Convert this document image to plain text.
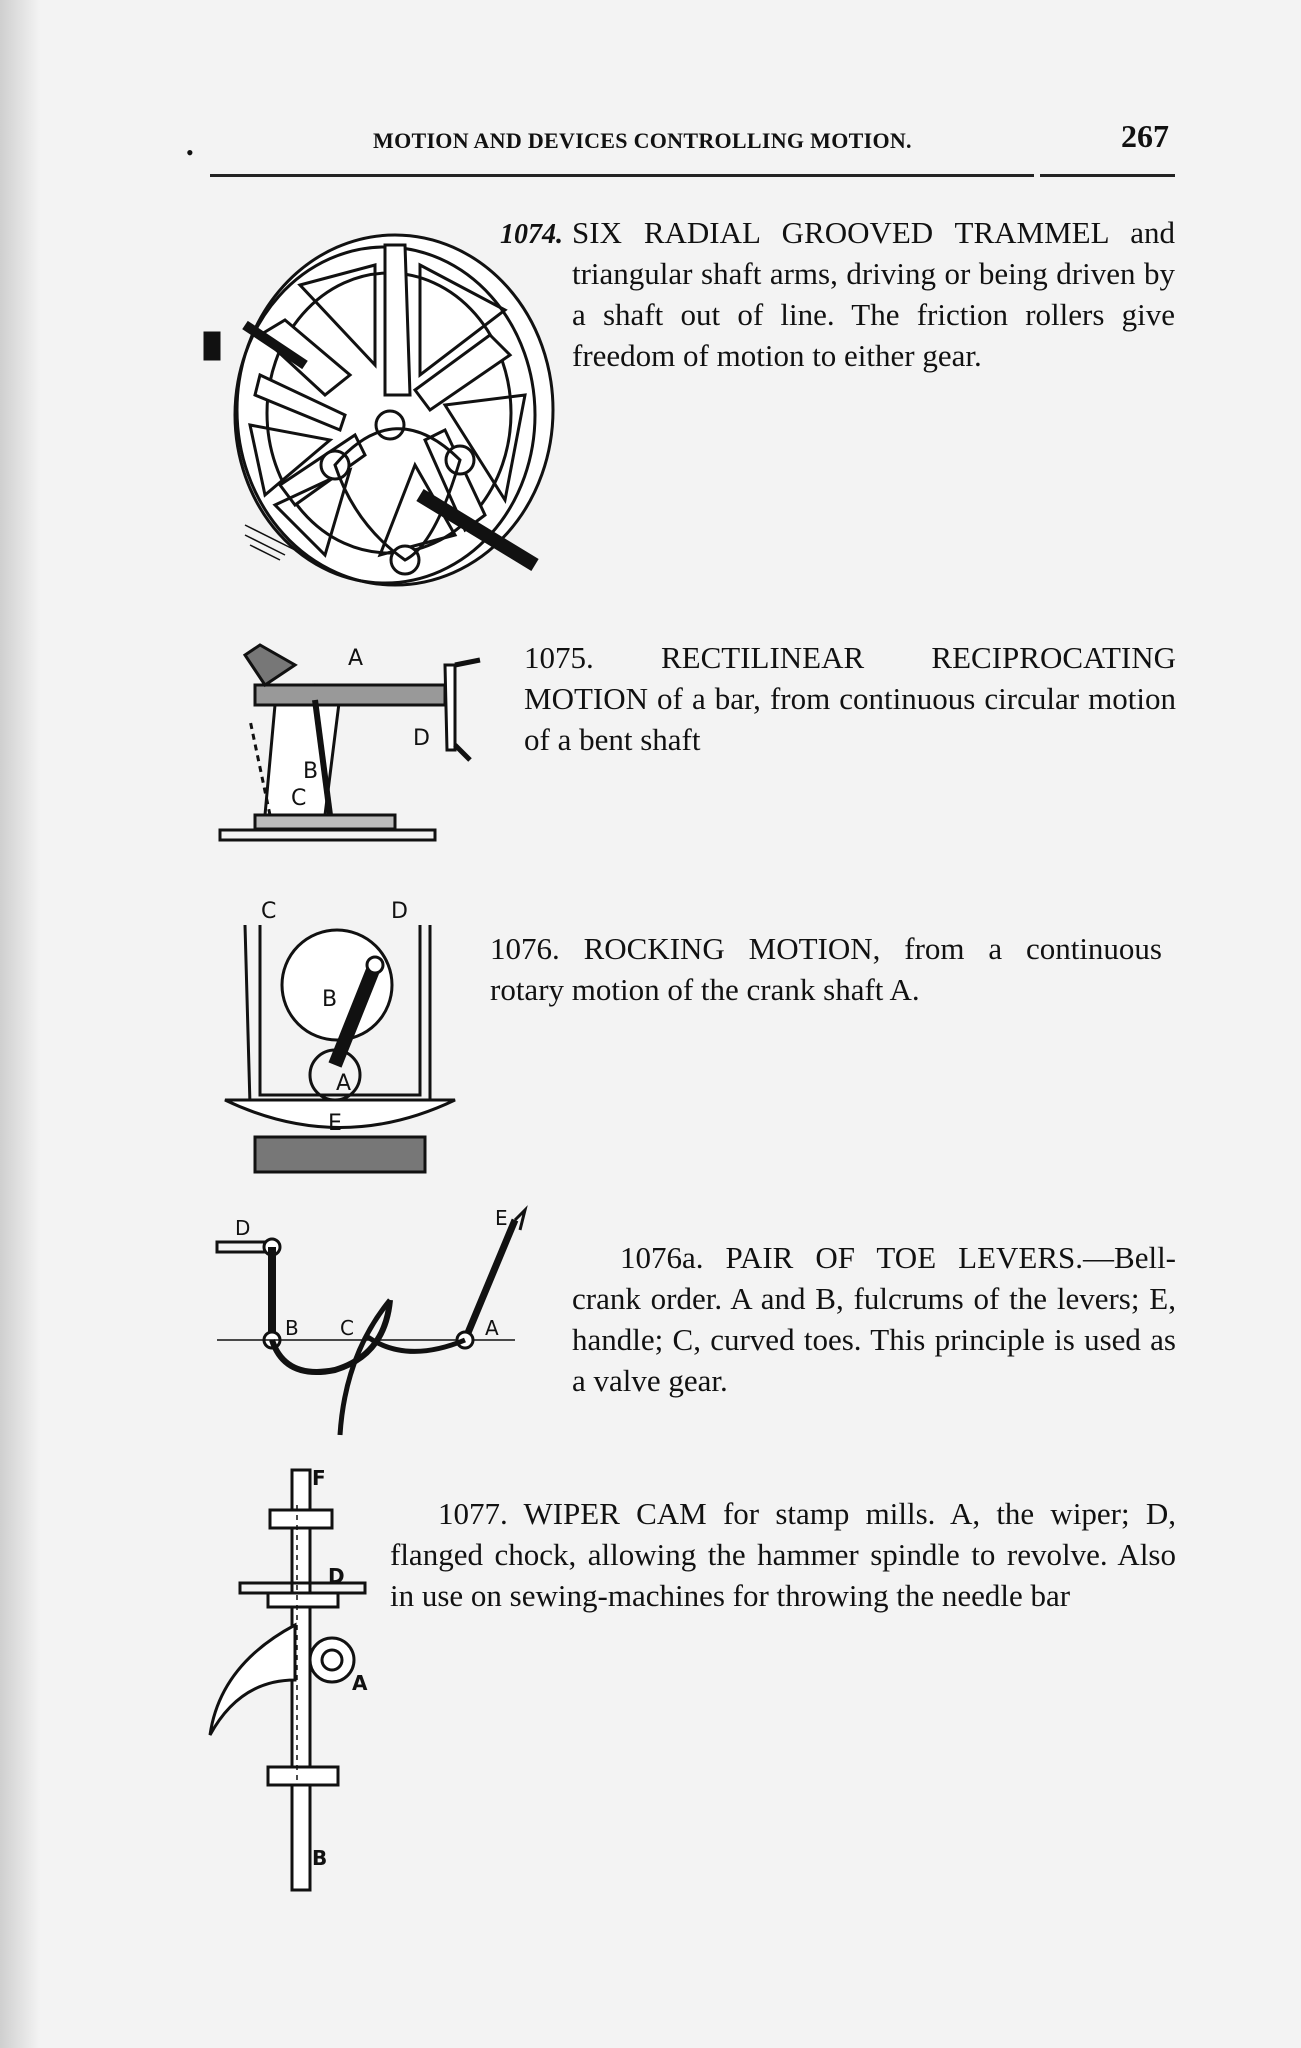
•	MOTION AND DEVICES CONTROLLING MOTION.	267
1074. SIX RADIAL GROOVED TRAMMEL and triangular shaft arms, driving or being driven by a shaft out of line. The friction rollers give freedom of motion to either gear.
1075. RECTILINEAR RECIPROCATING MOTION of a bar, from continuous circular motion of a bent shaft
A
D
B
C
1076. ROCKING MOTION, from a continuous rotary motion of the crank shaft A.
C	D
B
A
E
1076a. PAIR OF TOE LEVERS.—Bell-crank order. A and B, fulcrums of the levers; E, handle; C, curved toes. This principle is used as a valve gear.
D	E
B C	A
1077. WIPER CAM for stamp mills. A, the wiper; D, flanged chock, allowing the hammer spindle to revolve. Also in use on sewing-machines for throwing the needle bar
F
D
A
B
